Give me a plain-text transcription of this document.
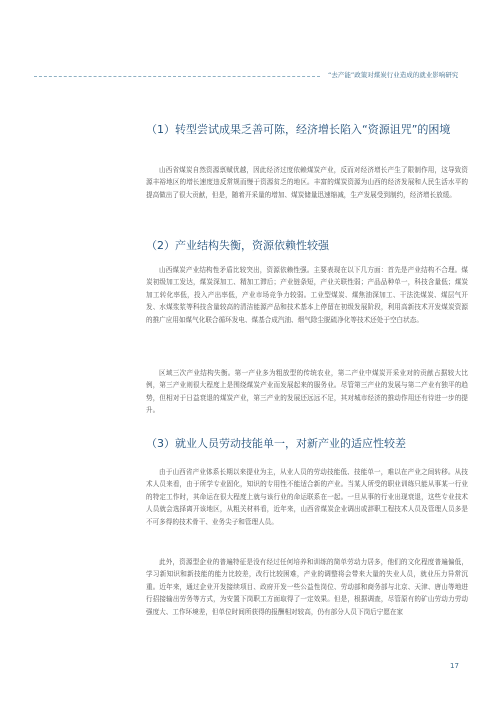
“去产能”政策对煤炭行业造成的就业影响研究
（1）转型尝试成果乏善可陈，经济增长陷入“资源诅咒”的困境

山西省煤炭自然资源禀赋优越，因此经济过度依赖煤炭产业，反而对经济增长产生了限制作用，这导致资源丰裕地区的增长速度违反常规而慢于资源贫乏的地区。丰富的煤炭资源为山西的经济发展和人民生活水平的提高做出了很大贡献，但是，随着开采量的增加、煤炭储量迅速缩减，生产发展受到制约，经济增长放缓。

（2）产业结构失衡，资源依赖性较强

山西煤炭产业结构性矛盾比较突出，资源依赖性强。主要表现在以下几方面：首先是产业结构不合理。煤炭初级加工发达，煤炭深加工、精加工滞后；产业链条短，产业关联性弱；产品品种单一，科技含量低；煤炭加工转化率低，投入产出率低，产业市场竞争力较弱。工业型煤炭、煤焦油深加工、干法洗煤炭、煤层气开发、水煤浆浆等科技含量较高的清洁能源产品和技术基本上停留在初级发展阶段，利用高新技术开发煤炭资源的推广应用如煤气化联合循环发电、煤基合成汽油、烟气除尘脱硫净化等技术还处于空白状态。

区域三次产业结构失衡。第一产业多为粗放型的传统农业，第二产业中煤炭开采业对的贡献占据较大比例，第三产业则很大程度上是围绕煤炭产业而发展起来的服务业。尽管第三产业的发展与第二产业有独平的趋势，但相对于日益衰退的煤炭产业，第三产业的发展还远远不足，其对城市经济的推动作用还有待进一步的提升。

（3）就业人员劳动技能单一，对新产业的适应性较差

由于山西省产业体系长期以来提业为主，从业人员的劳动技能低、技能单一，难以在产业之间转移。从技术人员来看，由于所学专业固化，知识的专用性不能适合新的产业。当某人所受的职业训练只能从事某一行业的特定工作时，其命运在很大程度上就与该行业的命运联系在一起。一旦从事的行业出现衰退，这些专业技术人员就会选择离开该地区，从粗关材料看，近年来，山西省煤炭企业调出或辞职工程技术人员及管理人员多是不可多得的技术骨干、业务尖子和管理人员。

此外，资源型企业的普遍特征是没有经过任何培养和训练的简单劳动力居多，他们的文化程度普遍偏低，学习新知识和新技能的能力比较差，改行比较困难，产业的调整将会带来大量的失业人员，就业压力异常沉重。近年来，通过企业开发接续项目、政府开发一些公益性岗位、劳动部和商务部与北京、天津、唐山等地进行招接输出劳务等方式，为安置下岗职工方面取得了一定效果。但是，根据调查，尽管原有的矿山劳动力劳动强度大、工作环境差，但单位时间所获得的报酬相对较高，仍有部分人员下岗后宁愿在家

17
